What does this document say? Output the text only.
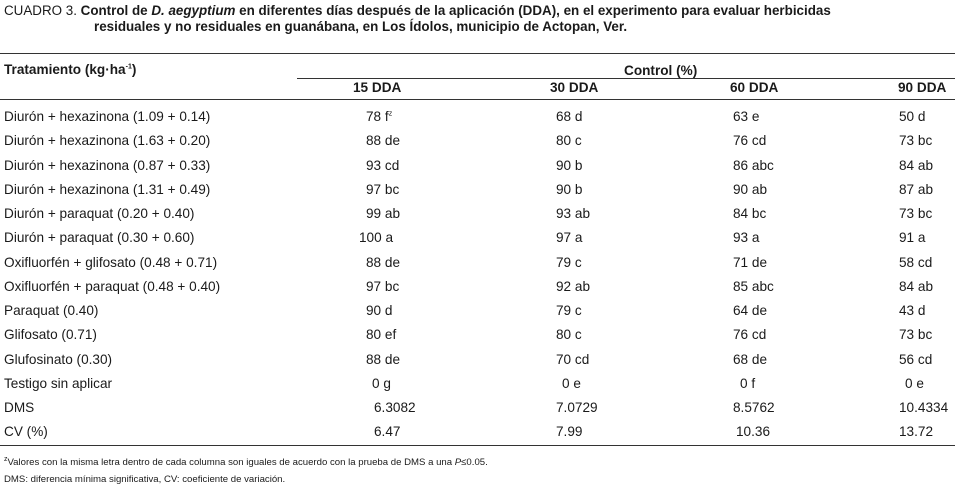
CUADRO 3. Control de D. aegyptium en diferentes días después de la aplicación (DDA), en el experimento para evaluar herbicidas
residuales y no residuales en guanábana, en Los Ídolos, municipio de Actopan, Ver.
Tratamiento $(kg\cdot ha^{-1})$	Control (%)
15 DDA	30 DDA	60 DDA	90 DDA
Diurón + hexazinona (1.09 + 0.14)	78 $f^z$	68 d	63 e	50 d
Diurón + hexazinona (1.63 + 0.20)	88 de	80 c	76 cd	73 bc
Diurón + hexazinona (0.87 + 0.33)	93 cd	90 b	86 abc	84 ab
Diurón + hexazinona (1.31 + 0.49)	97 bc	90 b	90 ab	87 ab
Diurón + paraquat (0.20 + 0.40)	99 ab	93 ab	84 bc	73 bc
Diurón + paraquat (0.30 + 0.60)	100 a	97 a	93 a	91 a
Oxifluorfén + glifosato (0.48 + 0.71)	88 de	79 c	71 de	58 cd
Oxifluorfén + paraquat (0.48 + 0.40)	97 bc	92 ab	85 abc	84 ab
Paraquat (0.40)	90 d	79 c	64 de	43 d
Glifosato (0.71)	80 ef	80 c	76 cd	73 bc
Glufosinato (0.30)	88 de	70 cd	68 de	56 cd
Testigo sin aplicar	0 g	0 e	0 f	0 e
DMS	6.3082	7.0729	8.5762	10.4334
CV (%)	6.47	7.99	10.36	13.72
$^z$Valores con la misma letra dentro de cada columna son iguales de acuerdo con la prueba de DMS a una P≤0.05.
DMS: diferencia mínima significativa, CV: coeficiente de variación.
